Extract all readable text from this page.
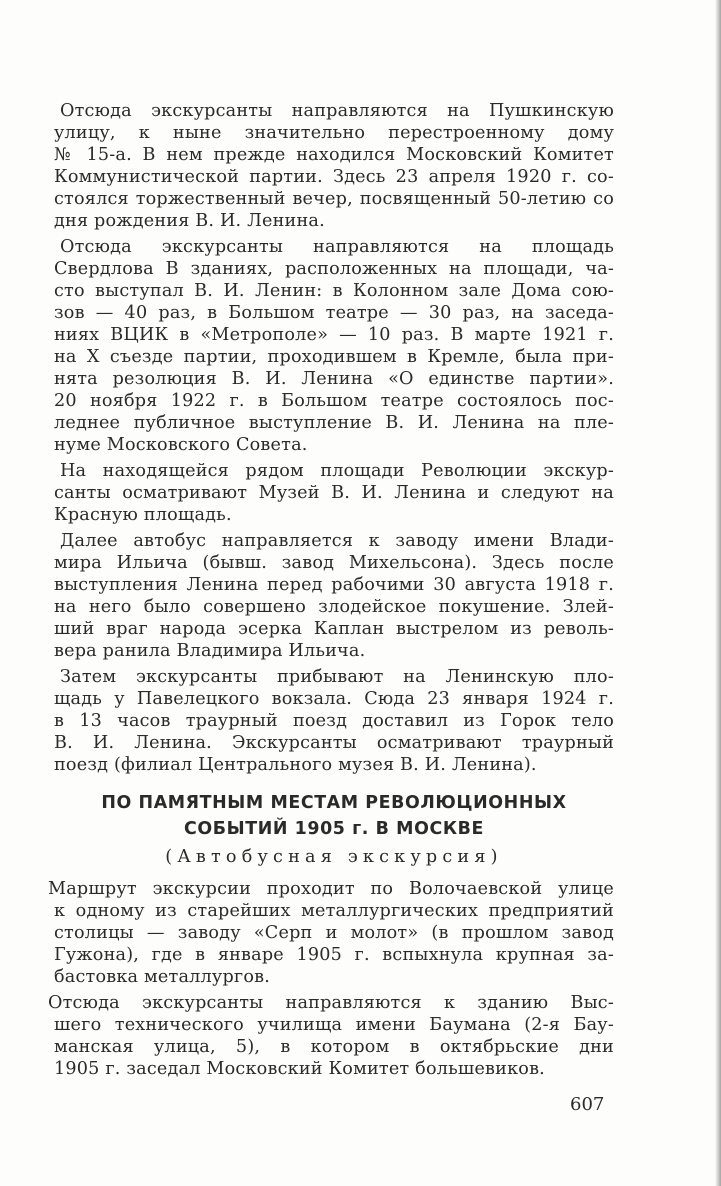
Отсюда экскурсанты направляются на Пушкинскую
улицу, к ныне значительно перестроенному дому
№ 15-а. В нем прежде находился Московский Комитет
Коммунистической партии. Здесь 23 апреля 1920 г. со-
стоялся торжественный вечер, посвященный 50-летию со
дня рождения В. И. Ленина.
Отсюда экскурсанты направляются на площадь
Свердлова В зданиях, расположенных на площади, ча-
сто выступал В. И. Ленин: в Колонном зале Дома сою-
зов — 40 раз, в Большом театре — 30 раз, на заседа-
ниях ВЦИК в «Метрополе» — 10 раз. В марте 1921 г.
на X съезде партии, проходившем в Кремле, была при-
нята резолюция В. И. Ленина «О единстве партии».
20 ноября 1922 г. в Большом театре состоялось пос-
леднее публичное выступление В. И. Ленина на пле-
нуме Московского Совета.
На находящейся рядом площади Революции экскур-
санты осматривают Музей В. И. Ленина и следуют на
Красную площадь.
Далее автобус направляется к заводу имени Влади-
мира Ильича (бывш. завод Михельсона). Здесь после
выступления Ленина перед рабочими 30 августа 1918 г.
на него было совершено злодейское покушение. Злей-
ший враг народа эсерка Каплан выстрелом из револь-
вера ранила Владимира Ильича.
Затем экскурсанты прибывают на Ленинскую пло-
щадь у Павелецкого вокзала. Сюда 23 января 1924 г.
в 13 часов траурный поезд доставил из Горок тело
В. И. Ленина. Экскурсанты осматривают траурный
поезд (филиал Центрального музея В. И. Ленина).
ПО ПАМЯТНЫМ МЕСТАМ РЕВОЛЮЦИОННЫХ
СОБЫТИЙ 1905 г. В МОСКВЕ
(Автобусная экскурсия)
Маршрут экскурсии проходит по Волочаевской улице
к одному из старейших металлургических предприятий
столицы — заводу «Серп и молот» (в прошлом завод
Гужона), где в январе 1905 г. вспыхнула крупная за-
бастовка металлургов.
Отсюда экскурсанты направляются к зданию Выс-
шего технического училища имени Баумана (2-я Бау-
манская улица, 5), в котором в октябрьские дни
1905 г. заседал Московский Комитет большевиков.
607
